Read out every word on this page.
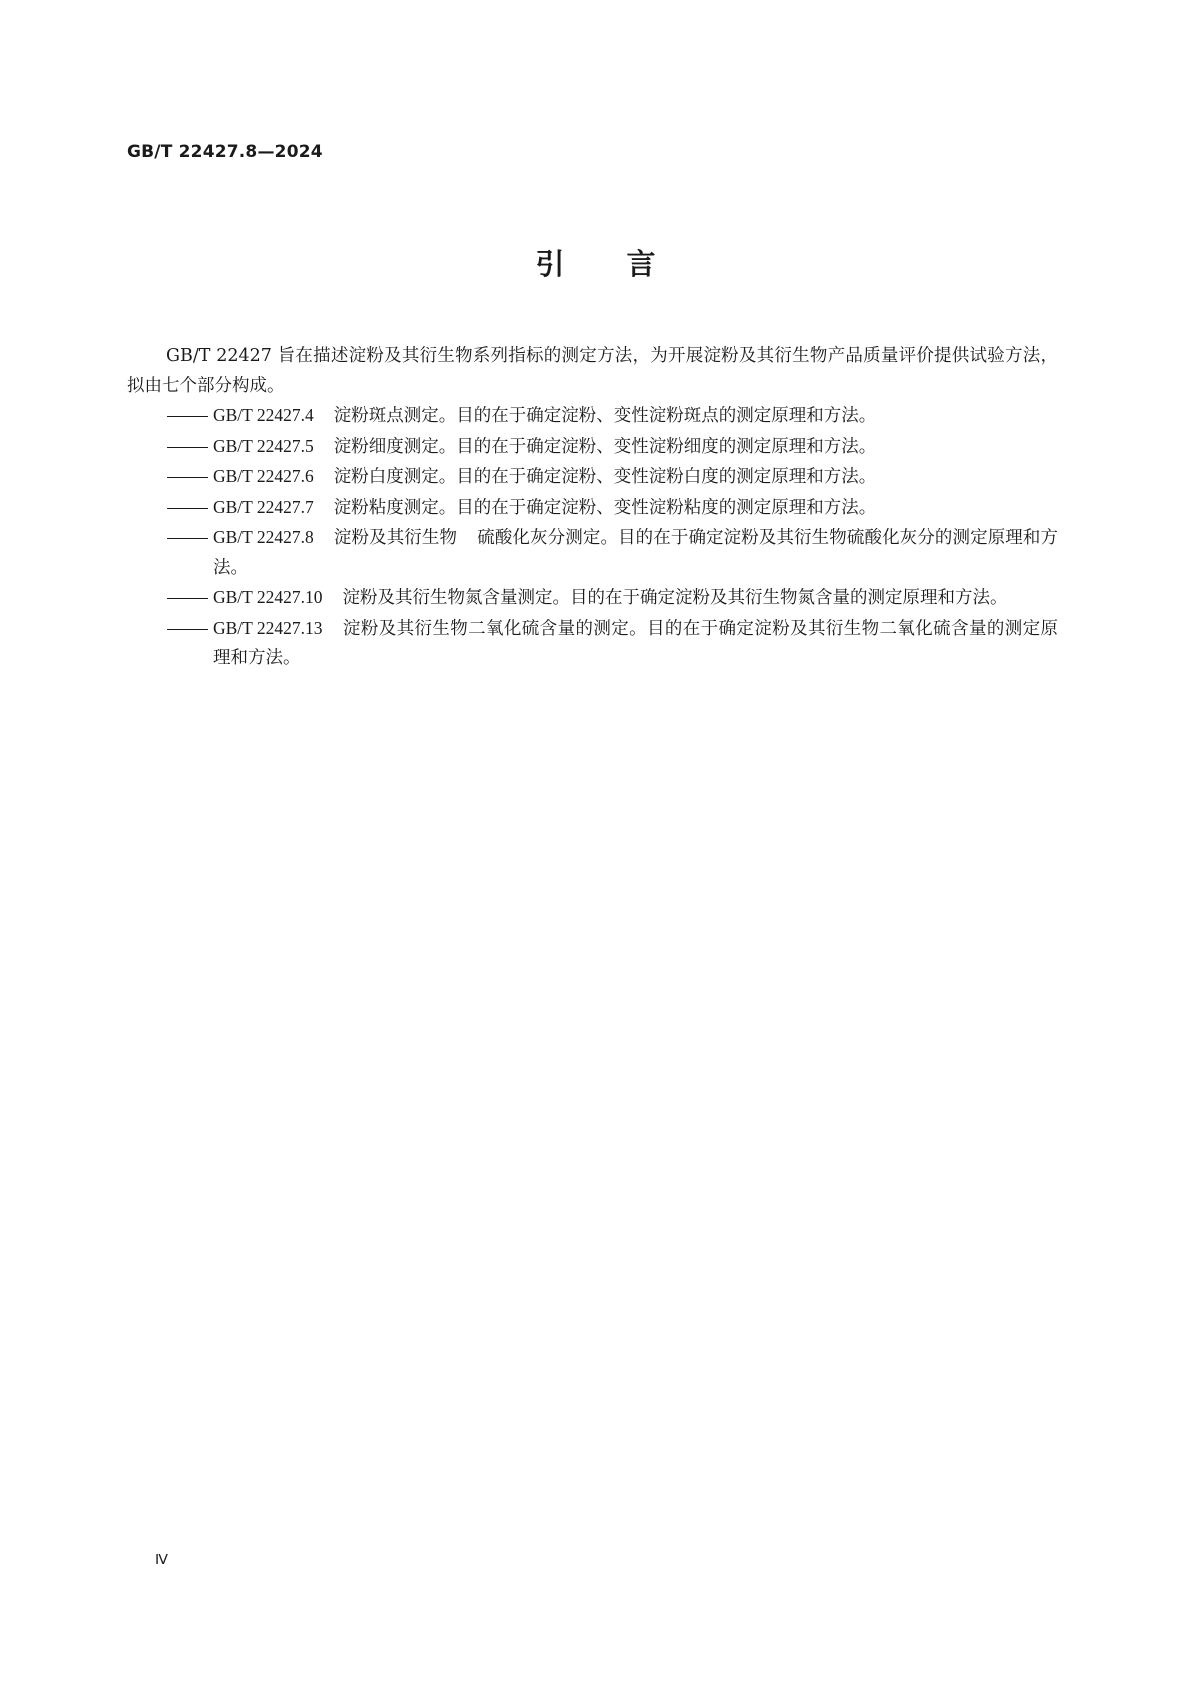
GB/T 22427.8—2024
引言

GB/T 22427 旨在描述淀粉及其衍生物系列指标的测定方法，为开展淀粉及其衍生物产品质量评价提供试验方法，拟由七个部分构成。

GB/T 22427.4 淀粉斑点测定。目的在于确定淀粉、变性淀粉斑点的测定原理和方法。
GB/T 22427.5 淀粉细度测定。目的在于确定淀粉、变性淀粉细度的测定原理和方法。
GB/T 22427.6 淀粉白度测定。目的在于确定淀粉、变性淀粉白度的测定原理和方法。
GB/T 22427.7 淀粉粘度测定。目的在于确定淀粉、变性淀粉粘度的测定原理和方法。
GB/T 22427.8 淀粉及其衍生物 硫酸化灰分测定。目的在于确定淀粉及其衍生物硫酸化灰分的测定原理和方法。
GB/T 22427.10 淀粉及其衍生物氮含量测定。目的在于确定淀粉及其衍生物氮含量的测定原理和方法。
GB/T 22427.13 淀粉及其衍生物二氧化硫含量的测定。目的在于确定淀粉及其衍生物二氧化硫含量的测定原理和方法。
Ⅳ
